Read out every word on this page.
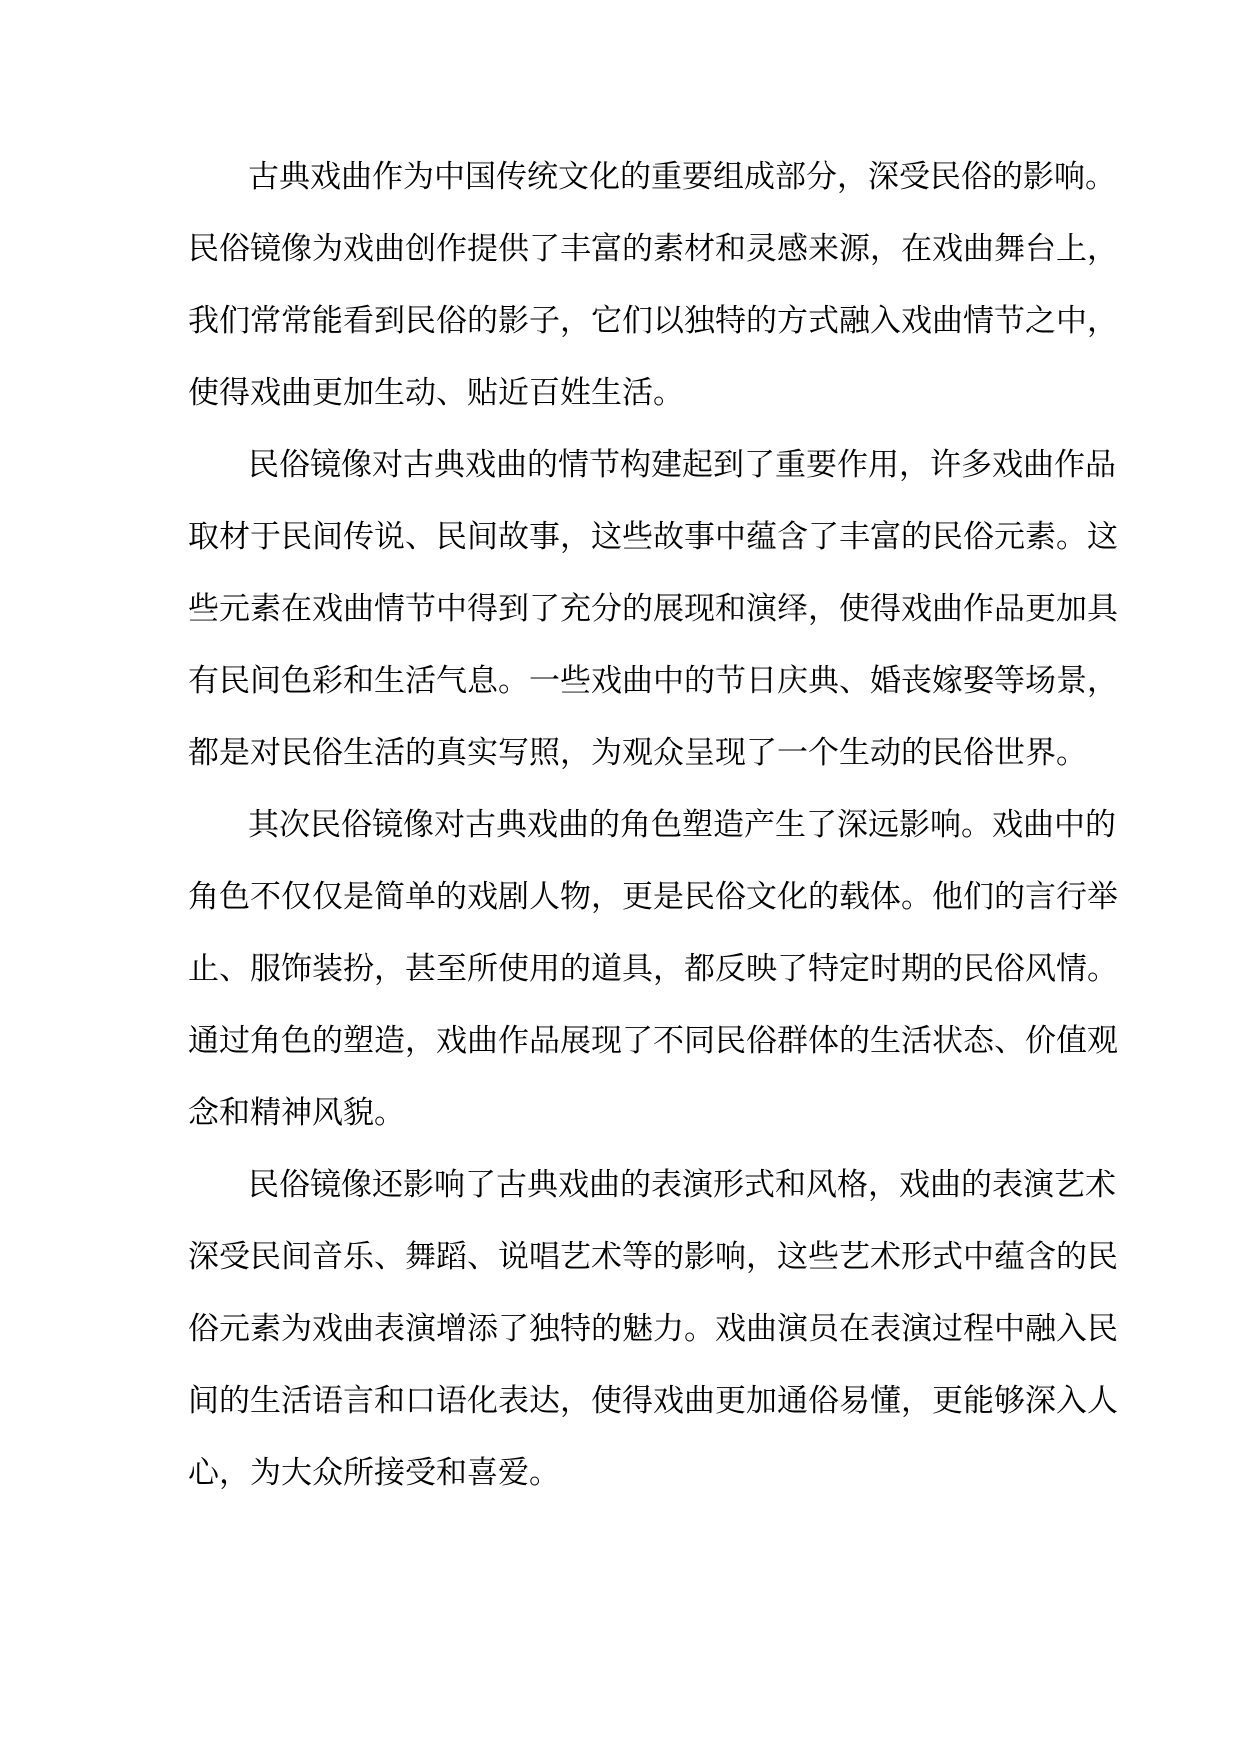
古典戏曲作为中国传统文化的重要组成部分，深受民俗的影响。
民俗镜像为戏曲创作提供了丰富的素材和灵感来源，在戏曲舞台上，
我们常常能看到民俗的影子，它们以独特的方式融入戏曲情节之中，
使得戏曲更加生动、贴近百姓生活。
民俗镜像对古典戏曲的情节构建起到了重要作用，许多戏曲作品
取材于民间传说、民间故事，这些故事中蕴含了丰富的民俗元素。这
些元素在戏曲情节中得到了充分的展现和演绎，使得戏曲作品更加具
有民间色彩和生活气息。一些戏曲中的节日庆典、婚丧嫁娶等场景，
都是对民俗生活的真实写照，为观众呈现了一个生动的民俗世界。
其次民俗镜像对古典戏曲的角色塑造产生了深远影响。戏曲中的
角色不仅仅是简单的戏剧人物，更是民俗文化的载体。他们的言行举
止、服饰装扮，甚至所使用的道具，都反映了特定时期的民俗风情。
通过角色的塑造，戏曲作品展现了不同民俗群体的生活状态、价值观
念和精神风貌。
民俗镜像还影响了古典戏曲的表演形式和风格，戏曲的表演艺术
深受民间音乐、舞蹈、说唱艺术等的影响，这些艺术形式中蕴含的民
俗元素为戏曲表演增添了独特的魅力。戏曲演员在表演过程中融入民
间的生活语言和口语化表达，使得戏曲更加通俗易懂，更能够深入人
心，为大众所接受和喜爱。
